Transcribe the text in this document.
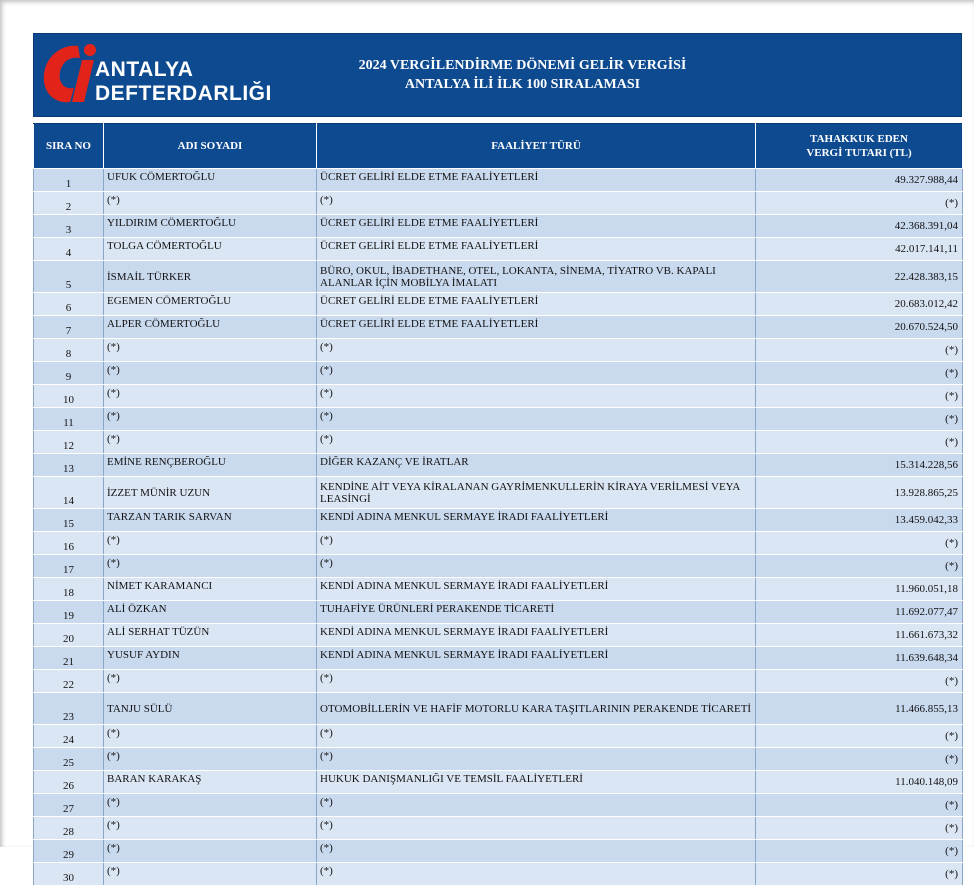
ANTALYA
DEFTERDARLIĞI
2024 VERGİLENDİRME DÖNEMİ GELİR VERGİSİ
ANTALYA İLİ İLK 100 SIRALAMASI
SIRA NO	ADI SOYADI	FAALİYET TÜRÜ	TAHAKKUK EDEN
VERGİ TUTARI (TL)

1	UFUK CÖMERTOĞLU	ÜCRET GELİRİ ELDE ETME FAALİYETLERİ	49.327.988,44
2	(*)	(*)	(*)
3	YILDIRIM CÖMERTOĞLU	ÜCRET GELİRİ ELDE ETME FAALİYETLERİ	42.368.391,04
4	TOLGA CÖMERTOĞLU	ÜCRET GELİRİ ELDE ETME FAALİYETLERİ	42.017.141,11
5	İSMAİL TÜRKER	BÜRO, OKUL, İBADETHANE, OTEL, LOKANTA, SİNEMA, TİYATRO VB. KAPALI ALANLAR İÇİN MOBİLYA İMALATI	22.428.383,15
6	EGEMEN CÖMERTOĞLU	ÜCRET GELİRİ ELDE ETME FAALİYETLERİ	20.683.012,42
7	ALPER CÖMERTOĞLU	ÜCRET GELİRİ ELDE ETME FAALİYETLERİ	20.670.524,50
8	(*)	(*)	(*)
9	(*)	(*)	(*)
10	(*)	(*)	(*)
11	(*)	(*)	(*)
12	(*)	(*)	(*)
13	EMİNE RENÇBEROĞLU	DİĞER KAZANÇ VE İRATLAR	15.314.228,56
14	İZZET MÜNİR UZUN	KENDİNE AİT VEYA KİRALANAN GAYRİMENKULLERİN KİRAYA VERİLMESİ VEYA LEASİNGİ	13.928.865,25
15	TARZAN TARIK SARVAN	KENDİ ADINA MENKUL SERMAYE İRADI FAALİYETLERİ	13.459.042,33
16	(*)	(*)	(*)
17	(*)	(*)	(*)
18	NİMET KARAMANCI	KENDİ ADINA MENKUL SERMAYE İRADI FAALİYETLERİ	11.960.051,18
19	ALİ ÖZKAN	TUHAFİYE ÜRÜNLERİ PERAKENDE TİCARETİ	11.692.077,47
20	ALİ SERHAT TÜZÜN	KENDİ ADINA MENKUL SERMAYE İRADI FAALİYETLERİ	11.661.673,32
21	YUSUF AYDIN	KENDİ ADINA MENKUL SERMAYE İRADI FAALİYETLERİ	11.639.648,34
22	(*)	(*)	(*)
23	TANJU SÜLÜ	OTOMOBİLLERİN VE HAFİF MOTORLU KARA TAŞITLARININ PERAKENDE TİCARETİ	11.466.855,13
24	(*)	(*)	(*)
25	(*)	(*)	(*)
26	BARAN KARAKAŞ	HUKUK DANIŞMANLIĞI VE TEMSİL FAALİYETLERİ	11.040.148,09
27	(*)	(*)	(*)
28	(*)	(*)	(*)
29	(*)	(*)	(*)
30	(*)	(*)	(*)
